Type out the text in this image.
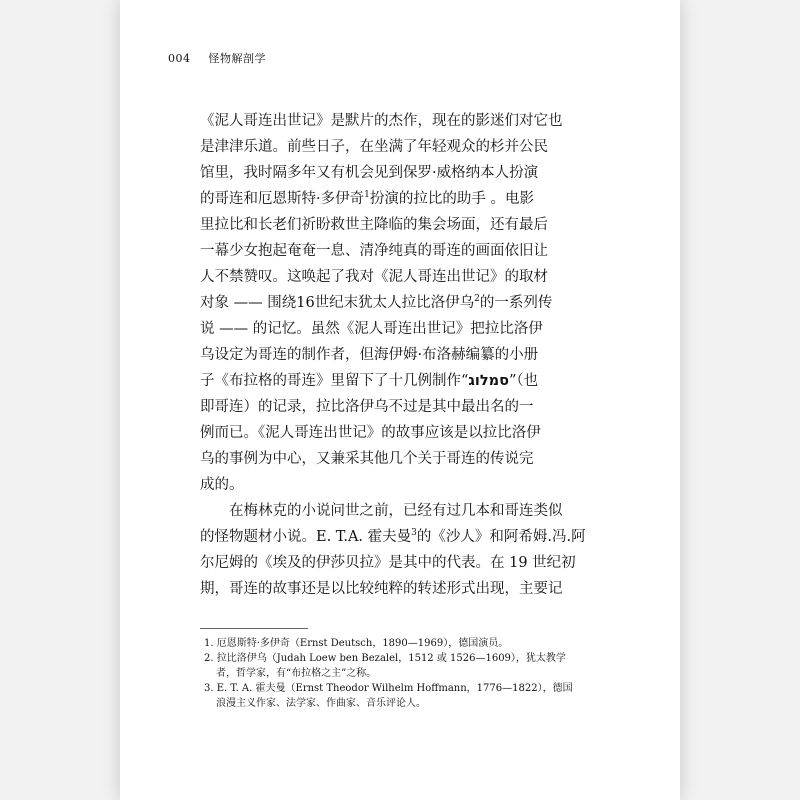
004 怪物解剖学
《泥人哥连出世记》是默片的杰作，现在的影迷们对它也
是津津乐道。前些日子，在坐满了年轻观众的杉并公民
馆里，我时隔多年又有机会见到保罗·威格纳本人扮演
的哥连和厄恩斯特·多伊奇$^1$扮演的拉比的助手 。电影
里拉比和长老们祈盼救世主降临的集会场面，还有最后
一幕少女抱起奄奄一息、清净纯真的哥连的画面依旧让
人不禁赞叹。这唤起了我对《泥人哥连出世记》的取材
对象 —— 围绕16世纪末犹太人拉比洛伊乌$^2$的一系列传
说 —— 的记忆。虽然《泥人哥连出世记》把拉比洛伊
乌设定为哥连的制作者，但海伊姆·布洛赫编纂的小册
子《布拉格的哥连》里留下了十几例制作“סמלוג”（也
即哥连）的记录，拉比洛伊乌不过是其中最出名的一
例而已。《泥人哥连出世记》的故事应该是以拉比洛伊
乌的事例为中心，又兼采其他几个关于哥连的传说完
成的。
在梅林克的小说问世之前，已经有过几本和哥连类似
的怪物题材小说。E. T.A. 霍夫曼$^3$的《沙人》和阿希姆.冯.阿
尔尼姆的《埃及的伊莎贝拉》是其中的代表。在 19 世纪初
期，哥连的故事还是以比较纯粹的转述形式出现，主要记
1. 厄恩斯特·多伊奇（Ernst Deutsch，1890—1969），德国演员。
2. 拉比洛伊乌（Judah Loew ben Bezalel，1512 或 1526—1609），犹太教学
者，哲学家，有“布拉格之主”之称。
3. E. T. A. 霍夫曼（Ernst Theodor Wilhelm Hoffmann，1776—1822），德国
浪漫主义作家、法学家、作曲家、音乐评论人。
